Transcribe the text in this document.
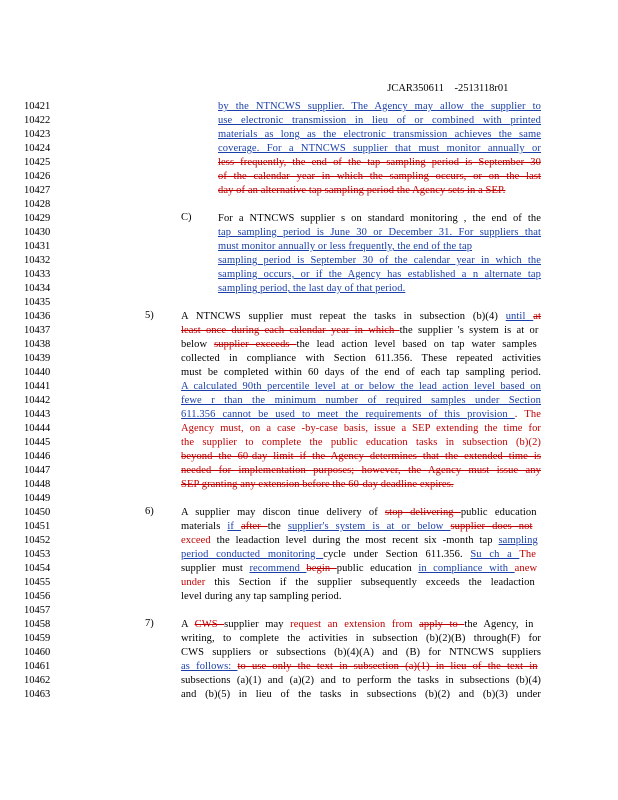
JCAR350611 -2513118r01

C)
5)
6)
7)
10421	by the NTNCWS supplier. The Agency may allow the supplier to
10422	use electronic transmission in lieu of or combined with printed
10423	materials as long as the electronic transmission achieves the same
10424	coverage. For a NTNCWS supplier that must monitor annually or
10425	less frequently, the end of the tap sampling period is September 30
10426	of the calendar year in which the sampling occurs, or on the last
10427	day of an alternative tap sampling period the Agency sets in a SEP.
10428
10429	For a NTNCWS supplier s on standard monitoring , the end of the
10430	tap sampling period is June 30 or December 31. For suppliers that
10431	must monitor annually or less frequently, the end of the tap
10432	sampling period is September 30 of the calendar year in which the
10433	sampling occurs, or if the Agency has established a n alternate tap
10434	sampling period, the last day of that period.
10435
10436	A NTNCWS supplier must repeat the tasks in subsection (b)(4) until at
10437	least once during each calendar year in which the supplier 's system is at or
10438	below supplier exceeds the lead action level based on tap water samples
10439	collected in compliance with Section 611.356. These repeated activities
10440	must be completed within 60 days of the end of each tap sampling period.
10441	A calculated 90th percentile level at or below the lead action level based on
10442	fewe r than the minimum number of required samples under Section
10443	611.356 cannot be used to meet the requirements of this provision . The
10444	Agency must, on a case -by-case basis, issue a SEP extending the time for
10445	the supplier to complete the public education tasks in subsection (b)(2)
10446	beyond the 60-day limit if the Agency determines that the extended time is
10447	needed for implementation purposes; however, the Agency must issue any
10448	SEP granting any extension before the 60-day deadline expires.
10449
10450	A supplier may discon tinue delivery of stop delivering public education
10451	materials if after the supplier's system is at or below supplier does not
10452	exceed the leadaction level during the most recent six -month tap sampling
10453	period conducted monitoring cycle under Section 611.356. Su ch a The
10454	supplier must recommend begin public education in compliance with anew
10455	under this Section if the supplier subsequently exceeds the leadaction
10456	level during any tap sampling period.
10457
10458	A CWS supplier may request an extension from apply to the Agency, in
10459	writing, to complete the activities in subsection (b)(2)(B) through(F) for
10460	CWS suppliers or subsections (b)(4)(A) and (B) for NTNCWS suppliers
10461	as follows: to use only the text in subsection (a)(1) in lieu of the text in
10462	subsections (a)(1) and (a)(2) and to perform the tasks in subsections (b)(4)
10463	and (b)(5) in lieu of the tasks in subsections (b)(2) and (b)(3) under
